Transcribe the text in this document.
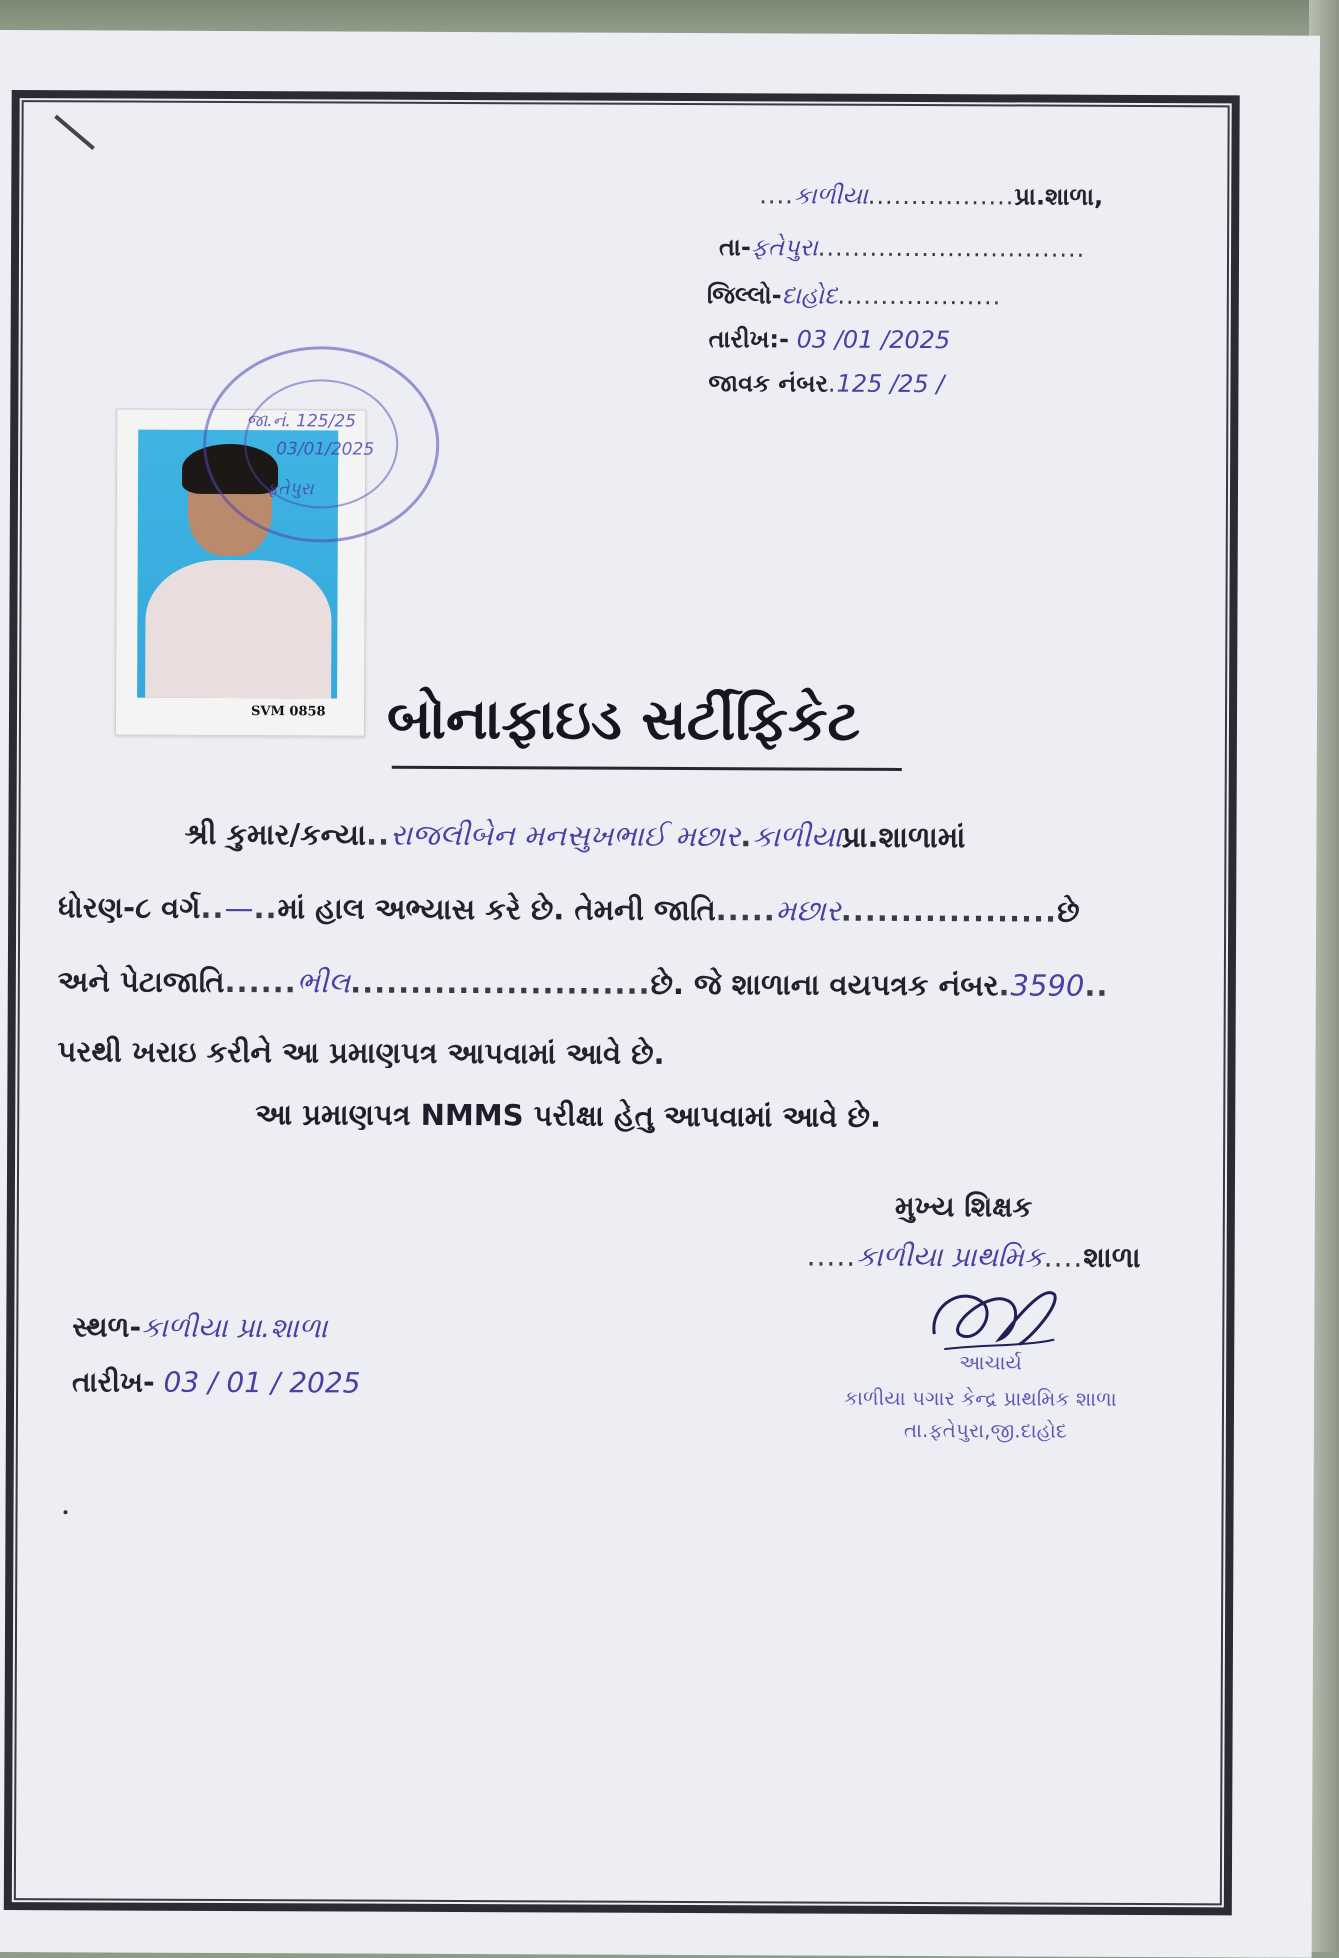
....કાળીયા.................પ્રા.શાળા,
તા-ફતેપુરા...............................
જિલ્લો-દાહોદ...................
તારીખ:- 03 /01 /2025
જાવક નંબર.125 /25 /
SVM 0858
જા.નં. 125/25
03/01/2025
ફતેપુરા
બોનાફાઇડ સર્ટીફિકેટ
શ્રી કુમાર/કન્યા..રાજલીબેન મનસુખભાઈ મછાર.કાળીયાપ્રા.શાળામાં
ધોરણ-૮ વર્ગ..—..માં હાલ અભ્યાસ કરે છે. તેમની જાતિ.....મછાર..................છે
અને પેટાજાતિ......ભીલ.........................છે. જે શાળાના વયપત્રક નંબર.3590..
પરથી ખરાઇ કરીને આ પ્રમાણપત્ર આપવામાં આવે છે.
આ પ્રમાણપત્ર NMMS પરીક્ષા હેતુ આપવામાં આવે છે.
મુખ્ય શિક્ષક
.....કાળીયા પ્રાથમિક....શાળા
આચાર્ય
કાળીયા પગાર કેન્દ્ર પ્રાથમિક શાળા
તા.ફતેપુરા,જી.દાહોદ
સ્થળ-કાળીયા પ્રા.શાળા
તારીખ- 03 / 01 / 2025
